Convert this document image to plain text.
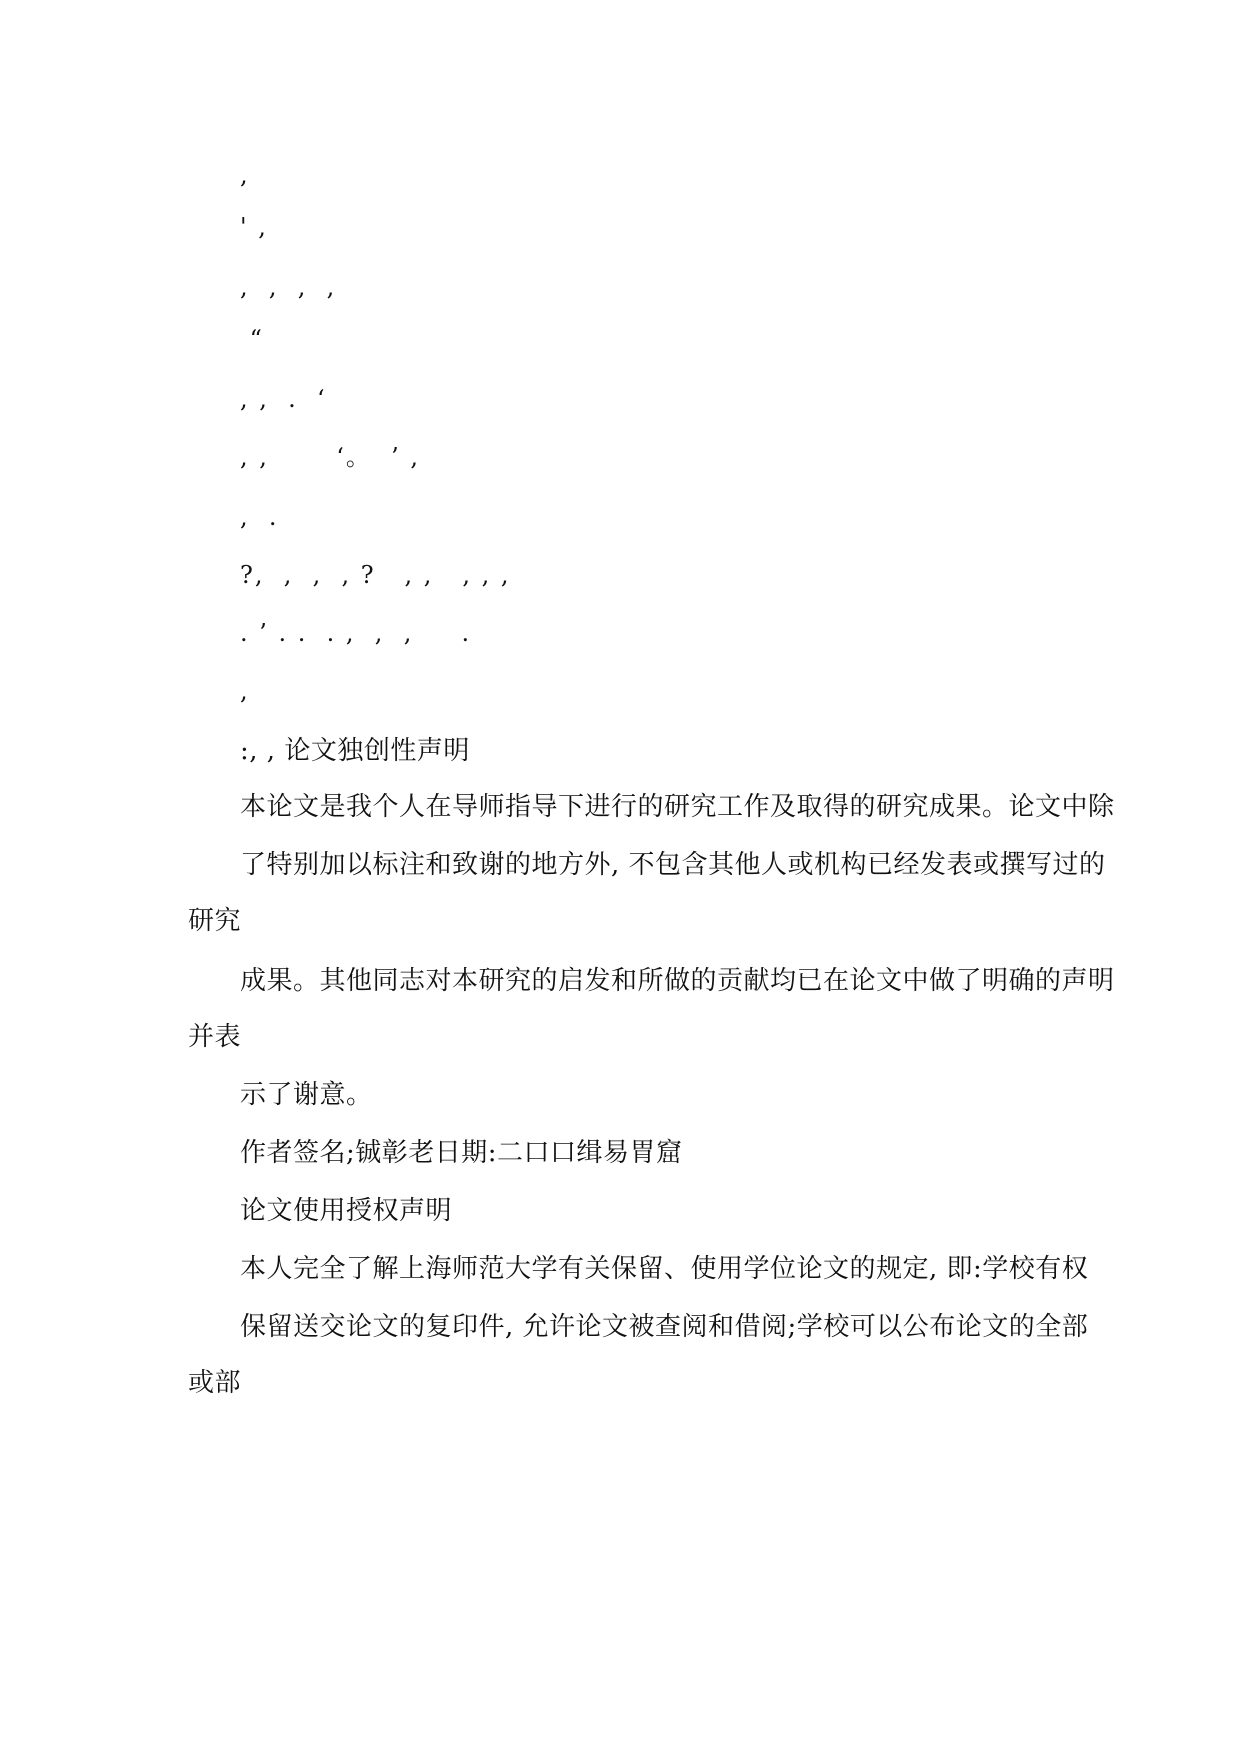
,

' ,

,  ,  ,  ,

“

, ,  .  ‘

, ,       ‘。  ’ ,

,  .

?,  ,  ,  , ?   , ,   , , ,

. ’ . .  . ,  ,  ,     .

,

:, , 论文独创性声明

本论文是我个人在导师指导下进行的研究工作及取得的研究成果。论文中除

了特别加以标注和致谢的地方外, 不包含其他人或机构已经发表或撰写过的

研究

成果。其他同志对本研究的启发和所做的贡献均已在论文中做了明确的声明

并表

示了谢意。

作者签名;铖彰老日期:二口口缉易胃窟

论文使用授权声明

本人完全了解上海师范大学有关保留、使用学位论文的规定, 即:学校有权

保留送交论文的复印件, 允许论文被查阅和借阅;学校可以公布论文的全部

或部
